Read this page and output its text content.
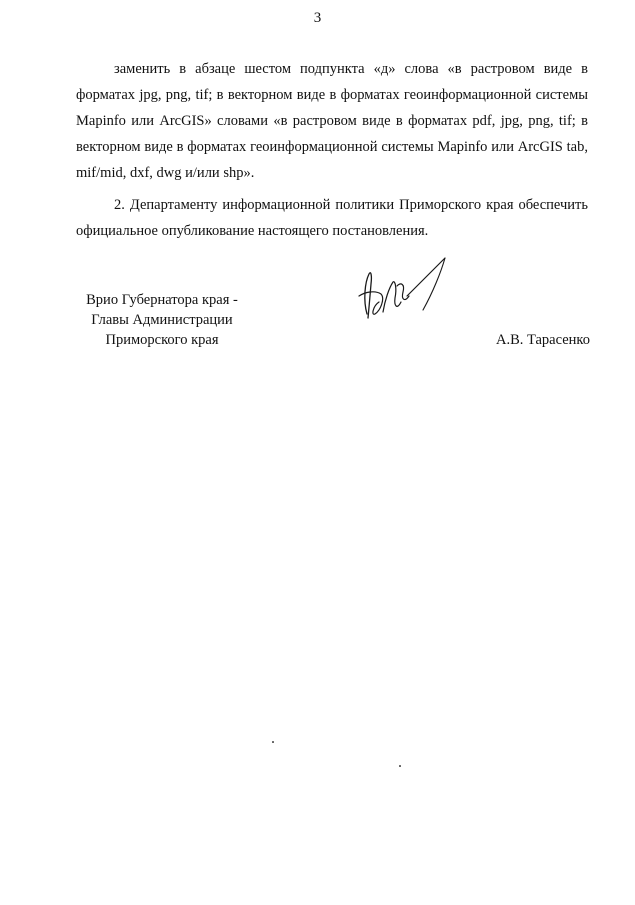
3

заменить в абзаце шестом подпункта «д» слова «в растровом виде в форматах jpg, png, tif; в векторном виде в форматах геоинформационной системы Mapinfo или ArcGIS» словами «в растровом виде в форматах pdf, jpg, png, tif; в векторном виде в форматах геоинформационной системы Mapinfo или ArcGIS tab, mif/mid, dxf, dwg и/или shp».

2. Департаменту информационной политики Приморского края обеспечить официальное опубликование настоящего постановления.

Врио Губернатора края -
Главы Администрации
Приморского края	А.В. Тарасенко
